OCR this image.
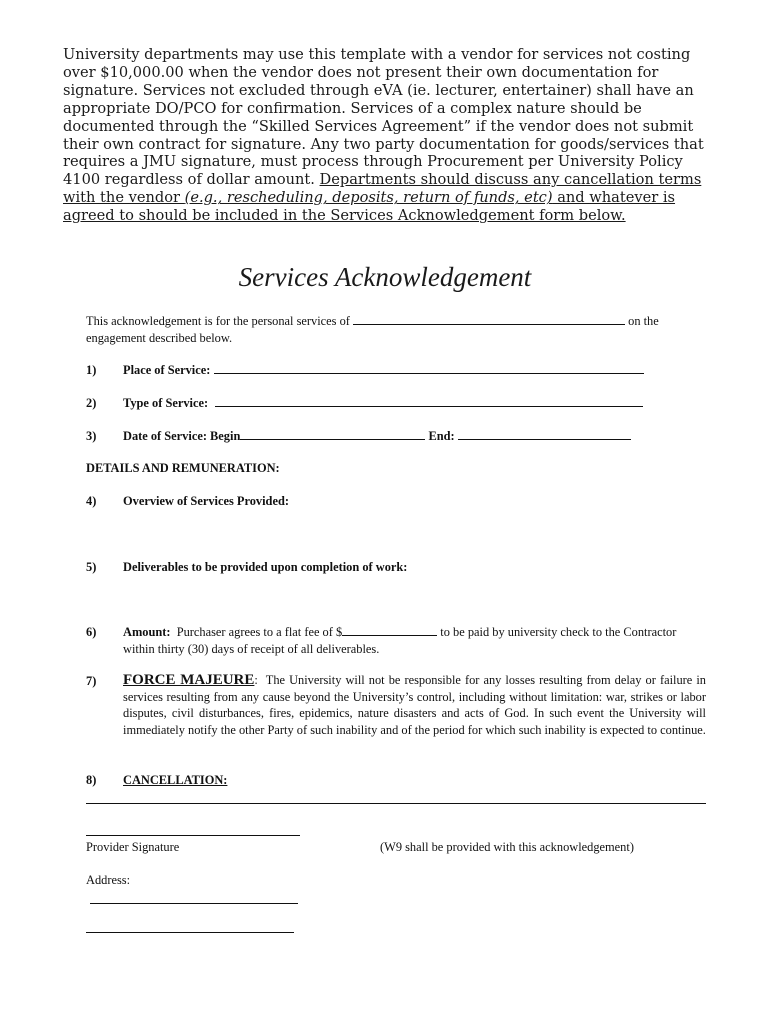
University departments may use this template with a vendor for services not costing over $10,000.00 when the vendor does not present their own documentation for signature. Services not excluded through eVA (ie. lecturer, entertainer) shall have an appropriate DO/PCO for confirmation. Services of a complex nature should be documented through the “Skilled Services Agreement” if the vendor does not submit their own contract for signature. Any two party documentation for goods/services that requires a JMU signature, must process through Procurement per University Policy 4100 regardless of dollar amount. Departments should discuss any cancellation terms with the vendor (e.g., rescheduling, deposits, return of funds, etc) and whatever is agreed to should be included in the Services Acknowledgement form below.
Services Acknowledgement
This acknowledgement is for the personal services of	on the engagement described below.
1) Place of Service:
2) Type of Service:
3) Date of Service: Begin	End:
DETAILS AND REMUNERATION:
4) Overview of Services Provided:
5) Deliverables to be provided upon completion of work:
6) Amount: Purchaser agrees to a flat fee of $	to be paid by university check to the Contractor within thirty (30) days of receipt of all deliverables.
7) FORCE MAJEURE: The University will not be responsible for any losses resulting from delay or failure in services resulting from any cause beyond the University’s control, including without limitation: war, strikes or labor disputes, civil disturbances, fires, epidemics, nature disasters and acts of God. In such event the University will immediately notify the other Party of such inability and of the period for which such inability is expected to continue.
8) CANCELLATION:
Provider Signature	(W9 shall be provided with this acknowledgement)
Address:
